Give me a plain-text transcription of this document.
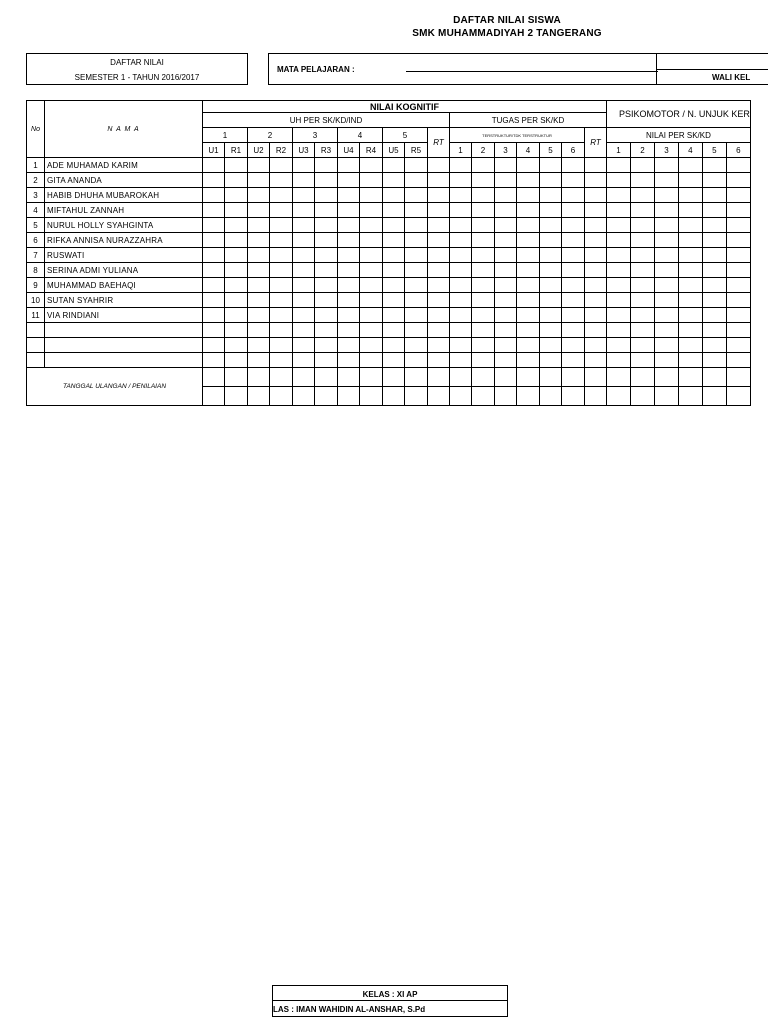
DAFTAR NILAI SISWA
SMK MUHAMMADIYAH 2 TANGERANG
DAFTAR NILAI
SEMESTER 1 - TAHUN 2016/2017
MATA PELAJARAN :
WALI KEL
No	N A M A	NILAI KOGNITIF																		PSIKOMOTOR / N. UNJUK KER					
		UH PER SK/KD/IND											TUGAS PER SK/KD												
		1		2		3		4		5		RT	TERSTRUKTUR/TDK TERSTRUKTUR						RT	NILAI PER SK/KD					
		U1	R1	U2	R2	U3	R3	U4	R4	U5	R5		1	2	3	4	5	6		1	2	3	4	5	6
1	ADE MUHAMAD KARIM																								
2	GITA ANANDA																								
3	HABIB DHUHA MUBAROKAH																								
4	MIFTAHUL ZANNAH																								
5	NURUL HOLLY SYAHGINTA																								
6	RIFKA ANNISA NURAZZAHRA																								
7	RUSWATI																								
8	SERINA ADMI YULIANA																								
9	MUHAMMAD BAEHAQI																								
10	SUTAN SYAHRIR																								
11	VIA RINDIANI																								

TANGGAL ULANGAN / PENILAIAN																									

KELAS : XI AP
LAS : IMAN WAHIDIN AL-ANSHAR, S.Pd
